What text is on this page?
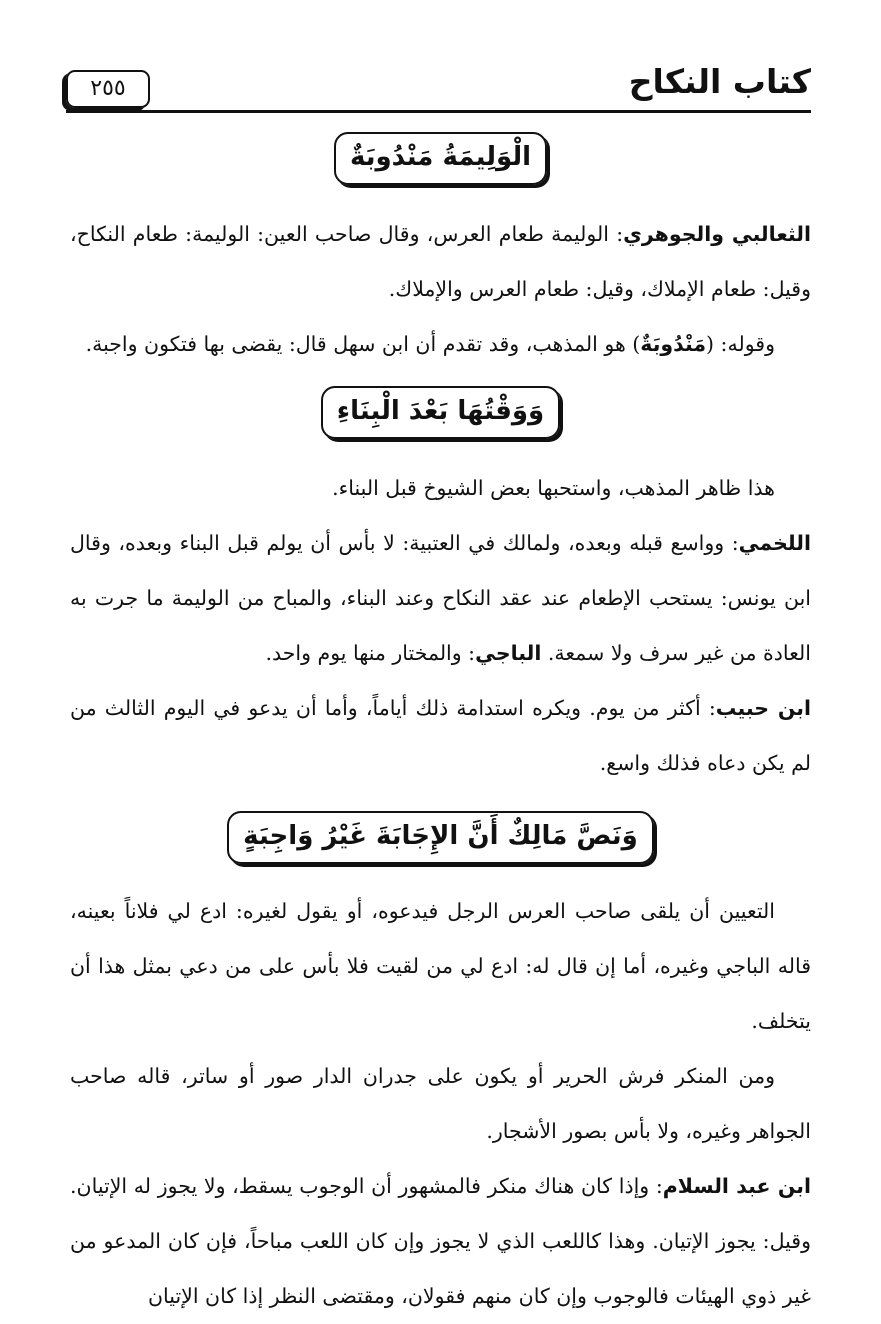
كتاب النكاح
٢٥٥
الْوَلِيمَةُ مَنْدُوبَةٌ

الثعالبي والجوهري: الوليمة طعام العرس، وقال صاحب العين: الوليمة: طعام النكاح، وقيل: طعام الإملاك، وقيل: طعام العرس والإملاك.

وقوله: (مَنْدُوبَةٌ) هو المذهب، وقد تقدم أن ابن سهل قال: يقضى بها فتكون واجبة.

وَوَقْتُهَا بَعْدَ الْبِنَاءِ

هذا ظاهر المذهب، واستحبها بعض الشيوخ قبل البناء.

اللخمي: وواسع قبله وبعده، ولمالك في العتبية: لا بأس أن يولم قبل البناء وبعده، وقال ابن يونس: يستحب الإطعام عند عقد النكاح وعند البناء، والمباح من الوليمة ما جرت به العادة من غير سرف ولا سمعة. الباجي: والمختار منها يوم واحد.

ابن حبيب: أكثر من يوم. ويكره استدامة ذلك أياماً، وأما أن يدعو في اليوم الثالث من لم يكن دعاه فذلك واسع.

وَنَصَّ مَالِكٌ أَنَّ الإِجَابَةَ غَيْرُ وَاجِبَةٍ

التعيين أن يلقى صاحب العرس الرجل فيدعوه، أو يقول لغيره: ادع لي فلاناً بعينه، قاله الباجي وغيره، أما إن قال له: ادع لي من لقيت فلا بأس على من دعي بمثل هذا أن يتخلف.

ومن المنكر فرش الحرير أو يكون على جدران الدار صور أو ساتر، قاله صاحب الجواهر وغيره، ولا بأس بصور الأشجار.

ابن عبد السلام: وإذا كان هناك منكر فالمشهور أن الوجوب يسقط، ولا يجوز له الإتيان. وقيل: يجوز الإتيان. وهذا كاللعب الذي لا يجوز وإن كان اللعب مباحاً، فإن كان المدعو من غير ذوي الهيئات فالوجوب وإن كان منهم فقولان، ومقتضى النظر إذا كان الإتيان
